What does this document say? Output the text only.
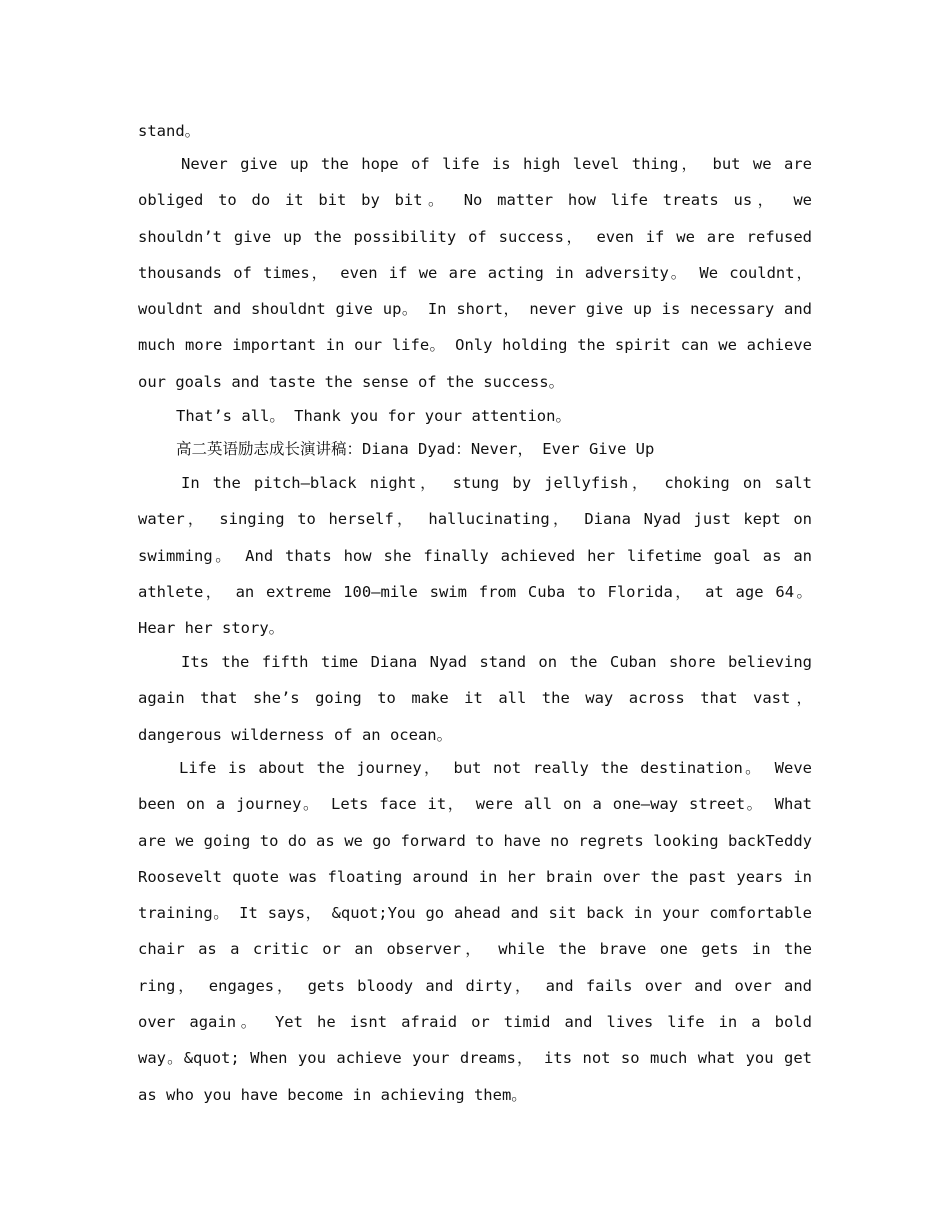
stand。
Never give up the hope of life is high level thing， but we are
obliged to do it bit by bit。 No matter how life treats us， we
shouldn’t give up the possibility of success， even if we are refused
thousands of times， even if we are acting in adversity。 We couldnt，
wouldnt and shouldnt give up。 In short， never give up is necessary and
much more important in our life。 Only holding the spirit can we achieve
our goals and taste the sense of the success。
That’s all。 Thank you for your attention。
高二英语励志成长演讲稿：Diana Dyad：Never， Ever Give Up
In the pitch—black night， stung by jellyfish， choking on salt
water， singing to herself， hallucinating， Diana Nyad just kept on
swimming。 And thats how she finally achieved her lifetime goal as an
athlete， an extreme 100—mile swim from Cuba to Florida， at age 64。
Hear her story。
Its the fifth time Diana Nyad stand on the Cuban shore believing
again that she’s going to make it all the way across that vast，
dangerous wilderness of an ocean。
Life is about the journey， but not really the destination。 Weve
been on a journey。 Lets face it， were all on a one—way street。 What
are we going to do as we go forward to have no regrets looking backTeddy
Roosevelt quote was floating around in her brain over the past years in
training。 It says， &quot;You go ahead and sit back in your comfortable
chair as a critic or an observer， while the brave one gets in the
ring， engages， gets bloody and dirty， and fails over and over and
over again。 Yet he isnt afraid or timid and lives life in a bold
way。&quot; When you achieve your dreams， its not so much what you get
as who you have become in achieving them。
